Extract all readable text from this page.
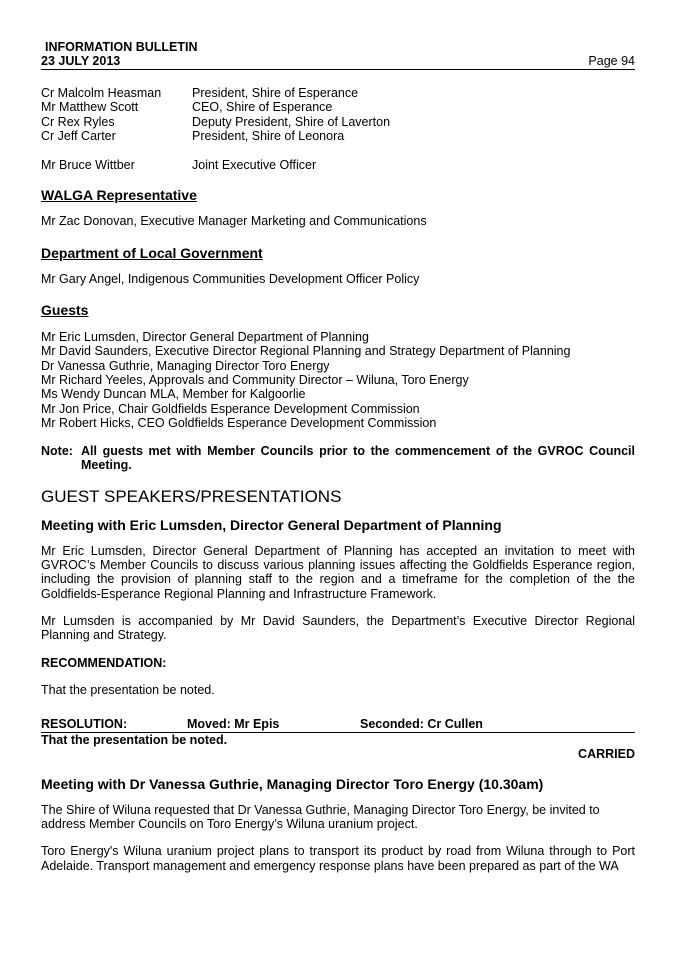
INFORMATION BULLETIN
23 JULY 2013	Page 94
Cr Malcolm Heasman	President, Shire of Esperance
Mr Matthew Scott	CEO, Shire of Esperance
Cr Rex Ryles	Deputy President, Shire of Laverton
Cr Jeff Carter	President, Shire of Leonora
Mr Bruce Wittber	Joint Executive Officer
WALGA Representative

Mr Zac Donovan, Executive Manager Marketing and Communications

Department of Local Government

Mr Gary Angel, Indigenous Communities Development Officer Policy

Guests

Mr Eric Lumsden, Director General Department of Planning

Mr David Saunders, Executive Director Regional Planning and Strategy Department of Planning

Dr Vanessa Guthrie, Managing Director Toro Energy

Mr Richard Yeeles, Approvals and Community Director – Wiluna, Toro Energy

Ms Wendy Duncan MLA, Member for Kalgoorlie

Mr Jon Price, Chair Goldfields Esperance Development Commission

Mr Robert Hicks, CEO Goldfields Esperance Development Commission

Note: All guests met with Member Councils prior to the commencement of the GVROC Council Meeting.
GUEST SPEAKERS/PRESENTATIONS
Meeting with Eric Lumsden, Director General Department of Planning

Mr Eric Lumsden, Director General Department of Planning has accepted an invitation to meet with GVROC’s Member Councils to discuss various planning issues affecting the Goldfields Esperance region, including the provision of planning staff to the region and a timeframe for the completion of the the Goldfields-Esperance Regional Planning and Infrastructure Framework.

Mr Lumsden is accompanied by Mr David Saunders, the Department’s Executive Director Regional Planning and Strategy.

RECOMMENDATION:

That the presentation be noted.

RESOLUTION:	Moved: Mr Epis	Seconded: Cr Cullen

That the presentation be noted.

CARRIED
Meeting with Dr Vanessa Guthrie, Managing Director Toro Energy (10.30am)

The Shire of Wiluna requested that Dr Vanessa Guthrie, Managing Director Toro Energy, be invited to address Member Councils on Toro Energy’s Wiluna uranium project.

Toro Energy's Wiluna uranium project plans to transport its product by road from Wiluna through to Port Adelaide. Transport management and emergency response plans have been prepared as part of the WA
